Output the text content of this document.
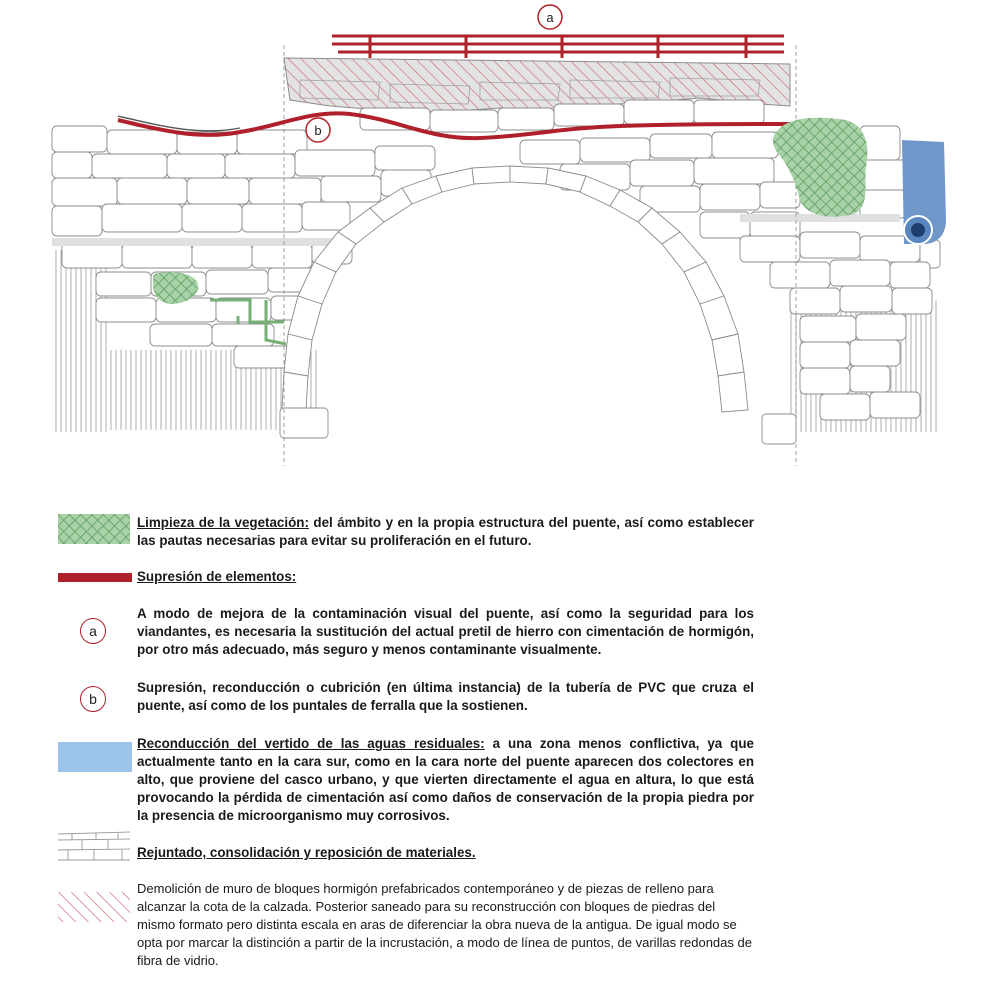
a
b
Limpieza de la vegetación: del ámbito y en la propia estructura del puente, así como establecer las pautas necesarias para evitar su proliferación en el futuro.
Supresión de elementos:
a
A modo de mejora de la contaminación visual del puente, así como la seguridad para los viandantes, es necesaria la sustitución del actual pretil de hierro con cimentación de hormigón, por otro más adecuado, más seguro y menos contaminante visualmente.
b
Supresión, reconducción o cubrición (en última instancia) de la tubería de PVC que cruza el puente, así como de los puntales de ferralla que la sostienen.
Reconducción del vertido de las aguas residuales: a una zona menos conflictiva, ya que actualmente tanto en la cara sur, como en la cara norte del puente aparecen dos colectores en alto, que proviene del casco urbano, y que vierten directamente el agua en altura, lo que está provocando la pérdida de cimentación así como daños de conservación de la propia piedra por la presencia de microorganismo muy corrosivos.
Rejuntado, consolidación y reposición de materiales.
Demolición de muro de bloques hormigón prefabricados contemporáneo y de piezas de relleno para alcanzar la cota de la calzada. Posterior saneado para su reconstrucción con bloques de piedras del mismo formato pero distinta escala en aras de diferenciar la obra nueva de la antigua. De igual modo se opta por marcar la distinción a partir de la incrustación, a modo de línea de puntos, de varillas redondas de fibra de vidrio.
